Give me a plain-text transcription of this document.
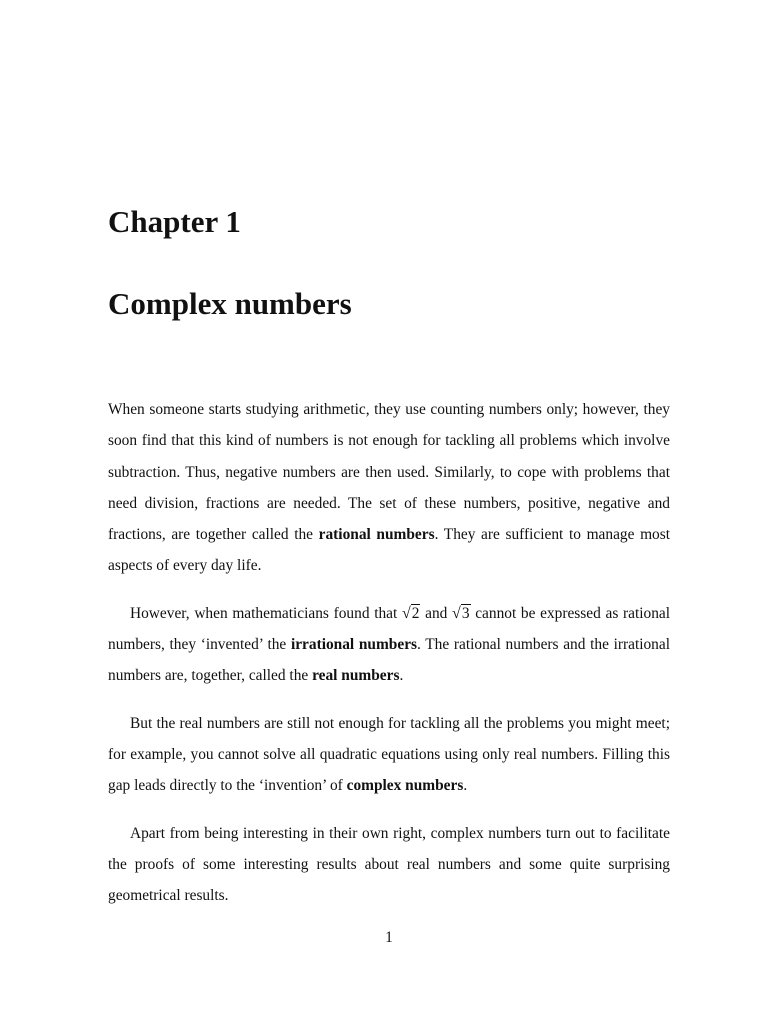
Chapter 1
Complex numbers

When someone starts studying arithmetic, they use counting numbers only; however, they soon find that this kind of numbers is not enough for tackling all problems which involve subtraction. Thus, negative numbers are then used. Similarly, to cope with problems that need division, fractions are needed. The set of these numbers, positive, negative and fractions, are together called the rational numbers. They are sufficient to manage most aspects of every day life.

However, when mathematicians found that √2 and √3 cannot be expressed as rational numbers, they ‘invented’ the irrational numbers. The rational numbers and the irrational numbers are, together, called the real numbers.

But the real numbers are still not enough for tackling all the problems you might meet; for example, you cannot solve all quadratic equations using only real numbers. Filling this gap leads directly to the ‘invention’ of complex numbers.

Apart from being interesting in their own right, complex numbers turn out to facilitate the proofs of some interesting results about real numbers and some quite surprising geometrical results.

1
